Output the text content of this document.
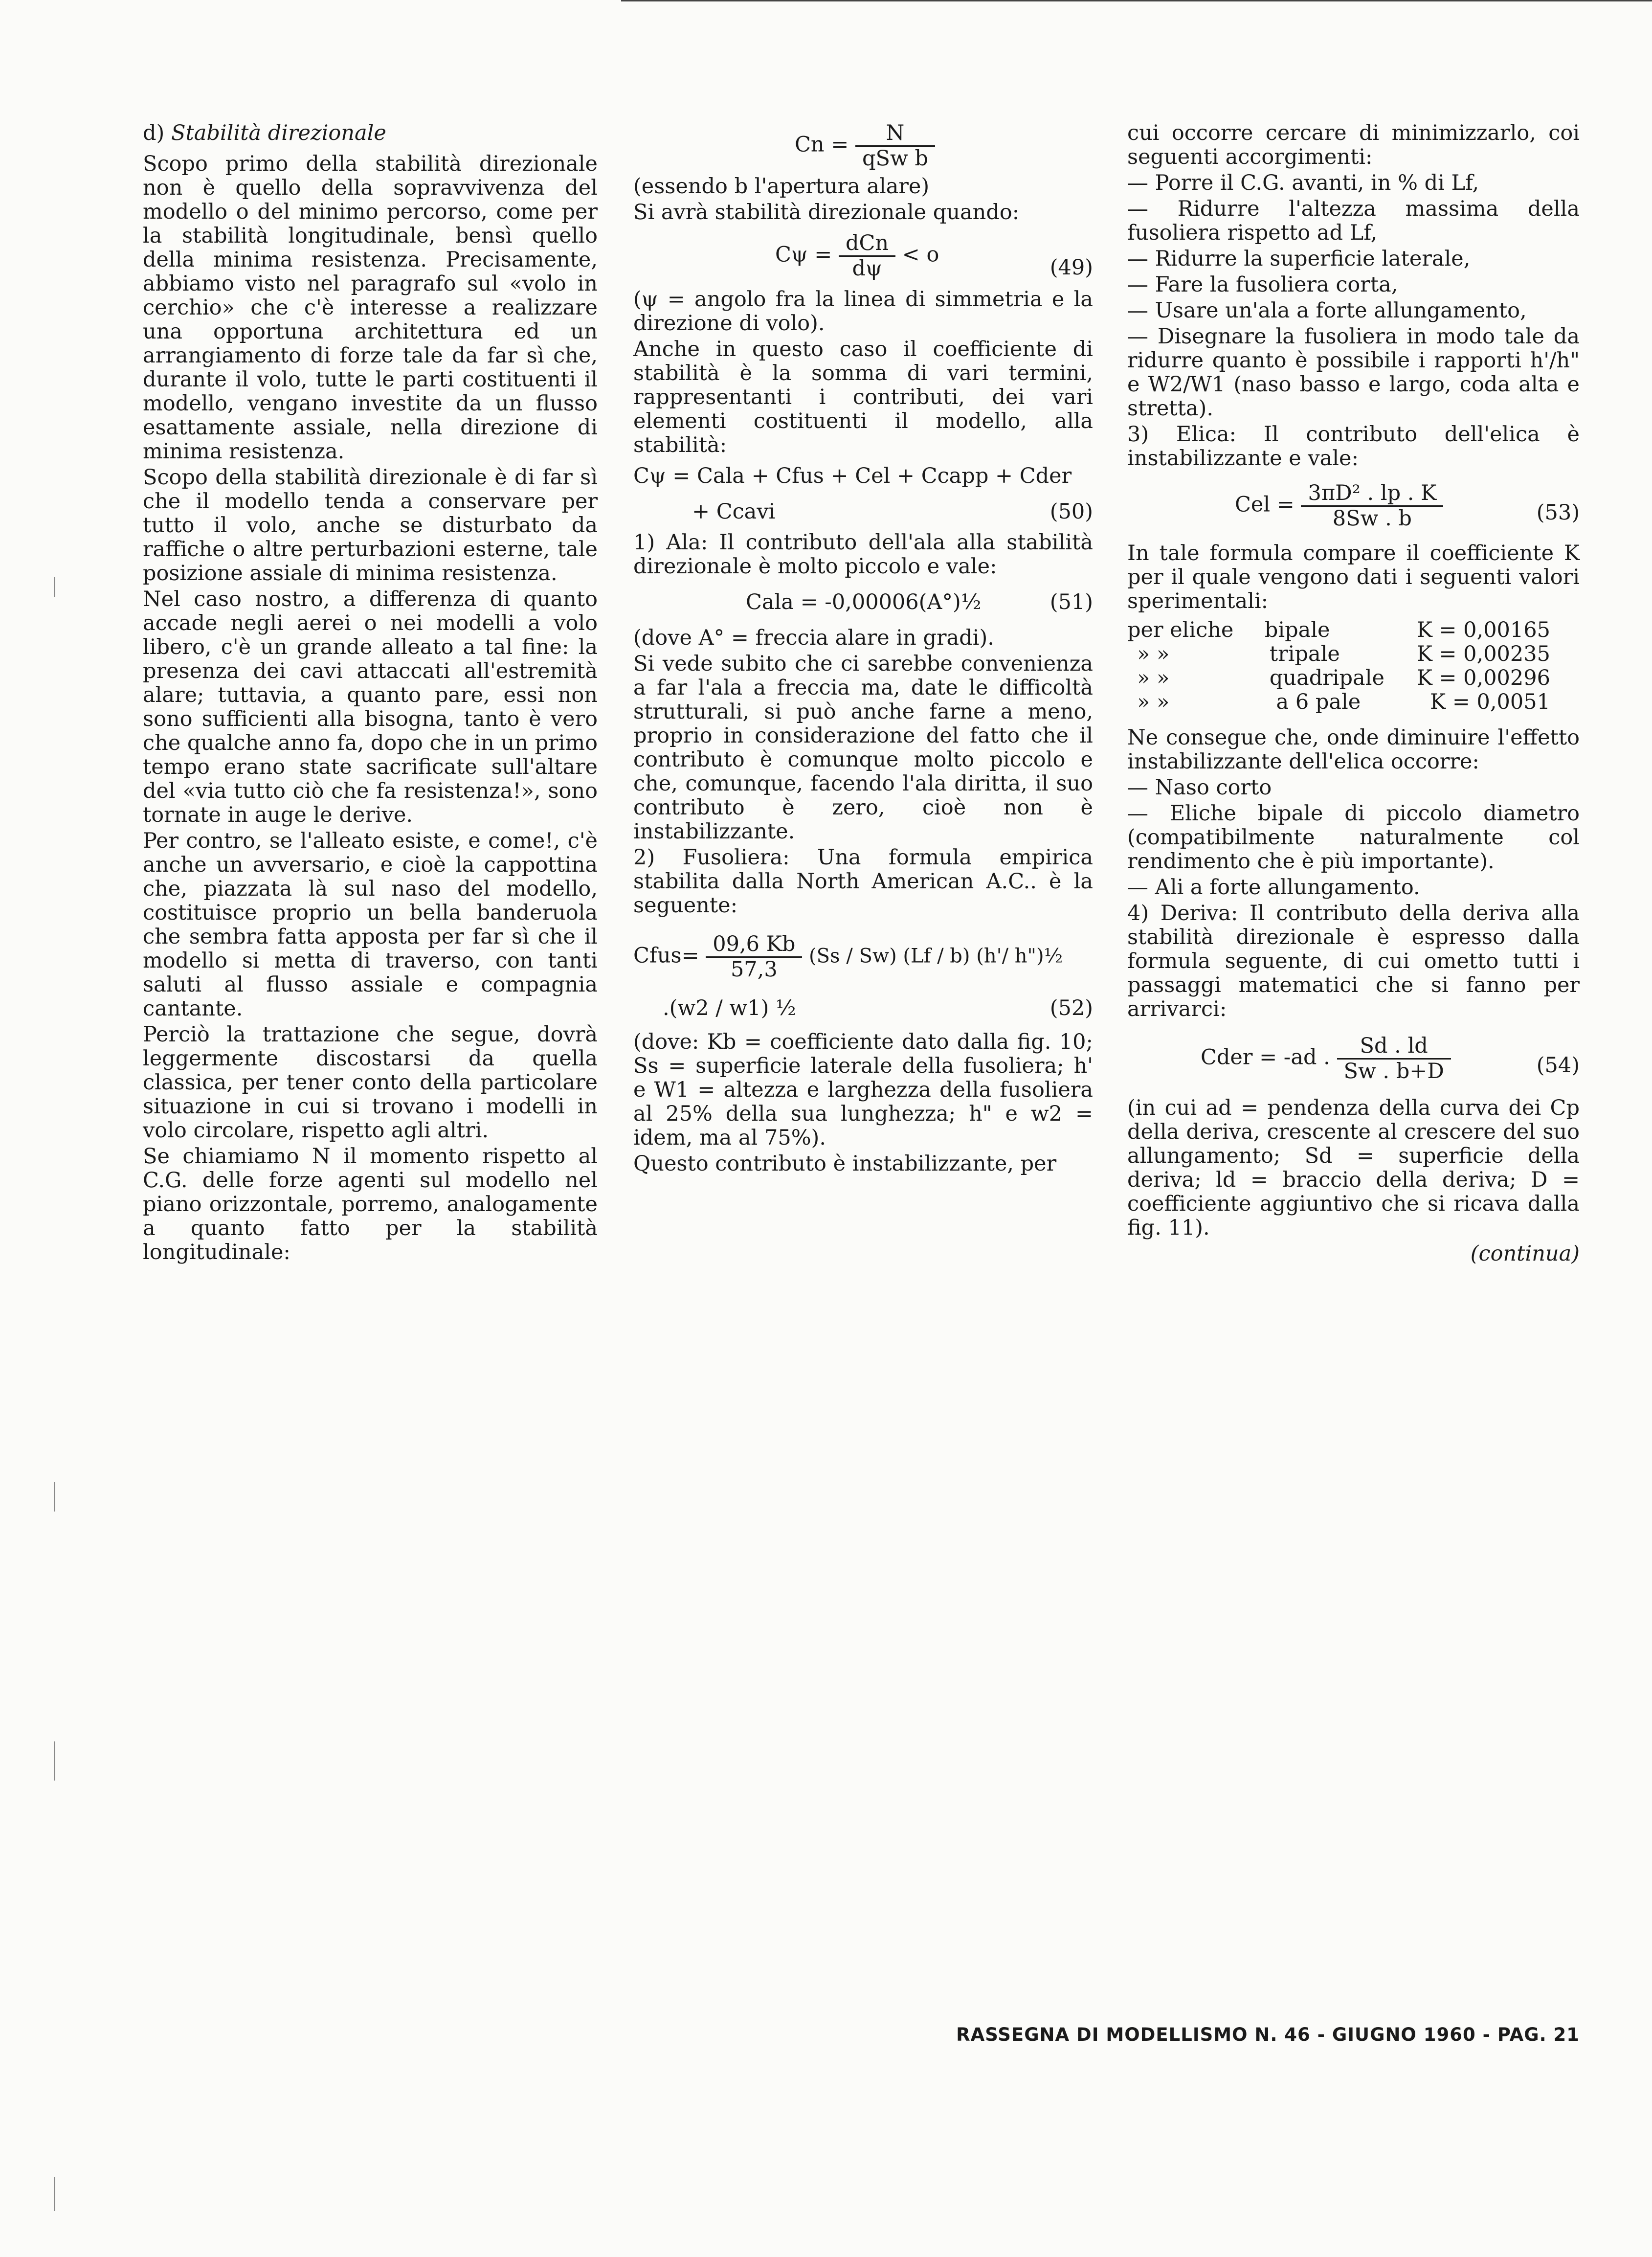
d) Stabilità direzionale

Scopo primo della stabilità direzionale non è quello della sopravvivenza del modello o del minimo percorso, come per la stabilità longitudinale, bensì quello della minima resistenza. Precisamente, abbiamo visto nel paragrafo sul «volo in cerchio» che c'è interesse a realizzare una opportuna architettura ed un arrangiamento di forze tale da far sì che, durante il volo, tutte le parti costituenti il modello, vengano investite da un flusso esattamente assiale, nella direzione di minima resistenza.

Scopo della stabilità direzionale è di far sì che il modello tenda a conservare per tutto il volo, anche se disturbato da raffiche o altre perturbazioni esterne, tale posizione assiale di minima resistenza.

Nel caso nostro, a differenza di quanto accade negli aerei o nei modelli a volo libero, c'è un grande alleato a tal fine: la presenza dei cavi attaccati all'estremità alare; tuttavia, a quanto pare, essi non sono sufficienti alla bisogna, tanto è vero che qualche anno fa, dopo che in un primo tempo erano state sacrificate sull'altare del «via tutto ciò che fa resistenza!», sono tornate in auge le derive.

Per contro, se l'alleato esiste, e come!, c'è anche un avversario, e cioè la cappottina che, piazzata là sul naso del modello, costituisce proprio un bella banderuola che sembra fatta apposta per far sì che il modello si metta di traverso, con tanti saluti al flusso assiale e compagnia cantante.

Perciò la trattazione che segue, dovrà leggermente discostarsi da quella classica, per tener conto della particolare situazione in cui si trovano i modelli in volo circolare, rispetto agli altri.

Se chiamiamo N il momento rispetto al C.G. delle forze agenti sul modello nel piano orizzontale, porremo, analogamente a quanto fatto per la stabilità longitudinale:

$Cn = \frac{N}{\text{qSw b}}$

(essendo b l'apertura alare)

Si avrà stabilità direzionale quando:

$C\psi = \frac{\text{dCn}}{d\psi} < o$
(49)

(ψ = angolo fra la linea di simmetria e la direzione di volo).

Anche in questo caso il coefficiente di stabilità è la somma di vari termini, rappresentanti i contributi, dei vari elementi costituenti il modello, alla stabilità:

Cψ = Cala + Cfus + Cel + Ccapp + Cder
+ Ccavi	(50)

1) Ala: Il contributo dell'ala alla stabilità direzionale è molto piccolo e vale:

Cala = -0,00006(A°)½	(51)

(dove A° = freccia alare in gradi).

Si vede subito che ci sarebbe convenienza a far l'ala a freccia ma, date le difficoltà strutturali, si può anche farne a meno, proprio in considerazione del fatto che il contributo è comunque molto piccolo e che, comunque, facendo l'ala diritta, il suo contributo è zero, cioè non è instabilizzante.

2) Fusoliera: Una formula empirica stabilita dalla North American A.C.. è la seguente:

Cfus= $\frac{09,6 Kb}{57,3} (Ss / Sw)$ (Lf / b) (h'/ h")½
.(w2 / w1) ½	(52)

(dove: Kb = coefficiente dato dalla fig. 10; Ss = superficie laterale della fusoliera; h' e W1 = altezza e larghezza della fusoliera al 25% della sua lunghezza; h" e w2 = idem, ma al 75%).

Questo contributo è instabilizzante, per

cui occorre cercare di minimizzarlo, coi seguenti accorgimenti:

— Porre il C.G. avanti, in % di Lf,

— Ridurre l'altezza massima della fusoliera rispetto ad Lf,

— Ridurre la superficie laterale,

— Fare la fusoliera corta,

— Usare un'ala a forte allungamento,

— Disegnare la fusoliera in modo tale da ridurre quanto è possibile i rapporti h'/h" e W2/W1 (naso basso e largo, coda alta e stretta).

3) Elica: Il contributo dell'elica è instabilizzante e vale:

Cel = $\frac{\text{3πD² . lp . K}}{8Sw . b}$	(53)

In tale formula compare il coefficiente K per il quale vengono dati i seguenti valori sperimentali:

per eliche	bipale	K = 0,00165
» »	tripale	K = 0,00235
» »	quadripale	K = 0,00296
» »	a 6 pale	K = 0,0051

Ne consegue che, onde diminuire l'effetto instabilizzante dell'elica occorre:

— Naso corto

— Eliche bipale di piccolo diametro (compatibilmente naturalmente col rendimento che è più importante).

— Ali a forte allungamento.

4) Deriva: Il contributo della deriva alla stabilità direzionale è espresso dalla formula seguente, di cui ometto tutti i passaggi matematici che si fanno per arrivarci:

Cder = -ad . $\frac{Sd . ld}{Sw . b+D}$	(54)

(in cui ad = pendenza della curva dei Cp della deriva, crescente al crescere del suo allungamento; Sd = superficie della deriva; ld = braccio della deriva; D = coefficiente aggiuntivo che si ricava dalla fig. 11).

(continua)

RASSEGNA DI MODELLISMO N. 46 - GIUGNO 1960 - PAG. 21
